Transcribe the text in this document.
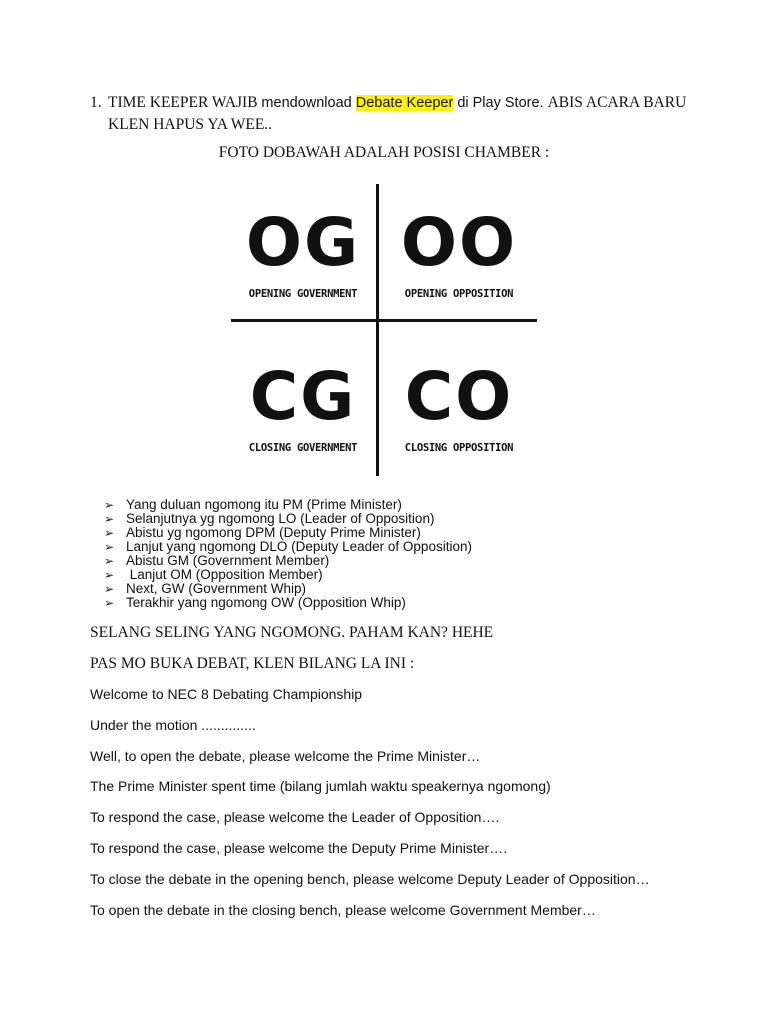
1. TIME KEEPER WAJIB mendownload Debate Keeper di Play Store. ABIS ACARA BARU
KLEN HAPUS YA WEE..
FOTO DOBAWAH ADALAH POSISI CHAMBER :
OG
OPENING GOVERNMENT
OO
OPENING OPPOSITION
CG
CLOSING GOVERNMENT
CO
CLOSING OPPOSITION
➢ Yang duluan ngomong itu PM (Prime Minister)
➢ Selanjutnya yg ngomong LO (Leader of Opposition)
➢ Abistu yg ngomong DPM (Deputy Prime Minister)
➢ Lanjut yang ngomong DLO (Deputy Leader of Opposition)
➢ Abistu GM (Government Member)
➢ Lanjut OM (Opposition Member)
➢ Next, GW (Government Whip)
➢ Terakhir yang ngomong OW (Opposition Whip)
SELANG SELING YANG NGOMONG. PAHAM KAN? HEHE
PAS MO BUKA DEBAT, KLEN BILANG LA INI :
Welcome to NEC 8 Debating Championship
Under the motion ..............
Well, to open the debate, please welcome the Prime Minister…
The Prime Minister spent time (bilang jumlah waktu speakernya ngomong)
To respond the case, please welcome the Leader of Opposition….
To respond the case, please welcome the Deputy Prime Minister….
To close the debate in the opening bench, please welcome Deputy Leader of Opposition…
To open the debate in the closing bench, please welcome Government Member…
